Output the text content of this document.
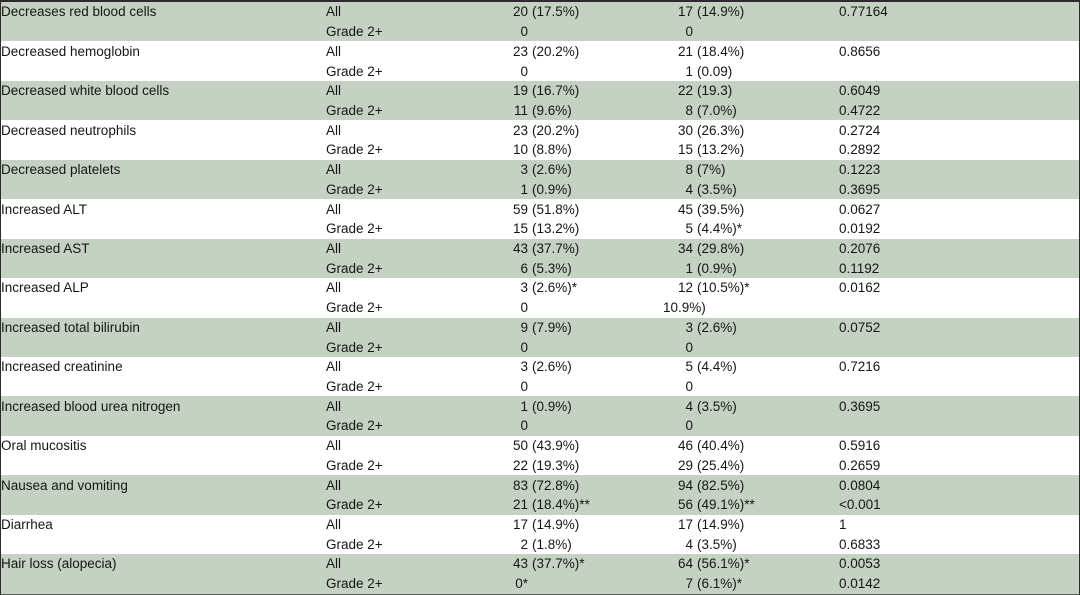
Decreases red blood cells	All	20 (17.5%)	17 (14.9%)	0.77164
	Grade 2+	0	0	
Decreased hemoglobin	All	23 (20.2%)	21 (18.4%)	0.8656
	Grade 2+	0	1 (0.09)	
Decreased white blood cells	All	19 (16.7%)	22 (19.3)	0.6049
	Grade 2+	11 (9.6%)	8 (7.0%)	0.4722
Decreased neutrophils	All	23 (20.2%)	30 (26.3%)	0.2724
	Grade 2+	10 (8.8%)	15 (13.2%)	0.2892
Decreased platelets	All	3 (2.6%)	8 (7%)	0.1223
	Grade 2+	1 (0.9%)	4 (3.5%)	0.3695
Increased ALT	All	59 (51.8%)	45 (39.5%)	0.0627
	Grade 2+	15 (13.2%)	5 (4.4%)*	0.0192
Increased AST	All	43 (37.7%)	34 (29.8%)	0.2076
	Grade 2+	6 (5.3%)	1 (0.9%)	0.1192
Increased ALP	All	3 (2.6%)*	12 (10.5%)*	0.0162
	Grade 2+	0	10.9%)	
Increased total bilirubin	All	9 (7.9%)	3 (2.6%)	0.0752
	Grade 2+	0	0	
Increased creatinine	All	3 (2.6%)	5 (4.4%)	0.7216
	Grade 2+	0	0	
Increased blood urea nitrogen	All	1 (0.9%)	4 (3.5%)	0.3695
	Grade 2+	0	0	
Oral mucositis	All	50 (43.9%)	46 (40.4%)	0.5916
	Grade 2+	22 (19.3%)	29 (25.4%)	0.2659
Nausea and vomiting	All	83 (72.8%)	94 (82.5%)	0.0804
	Grade 2+	21 (18.4%)**	56 (49.1%)**	<0.001
Diarrhea	All	17 (14.9%)	17 (14.9%)	1
	Grade 2+	2 (1.8%)	4 (3.5%)	0.6833
Hair loss (alopecia)	All	43 (37.7%)*	64 (56.1%)*	0.0053
	Grade 2+	0*	7 (6.1%)*	0.0142
